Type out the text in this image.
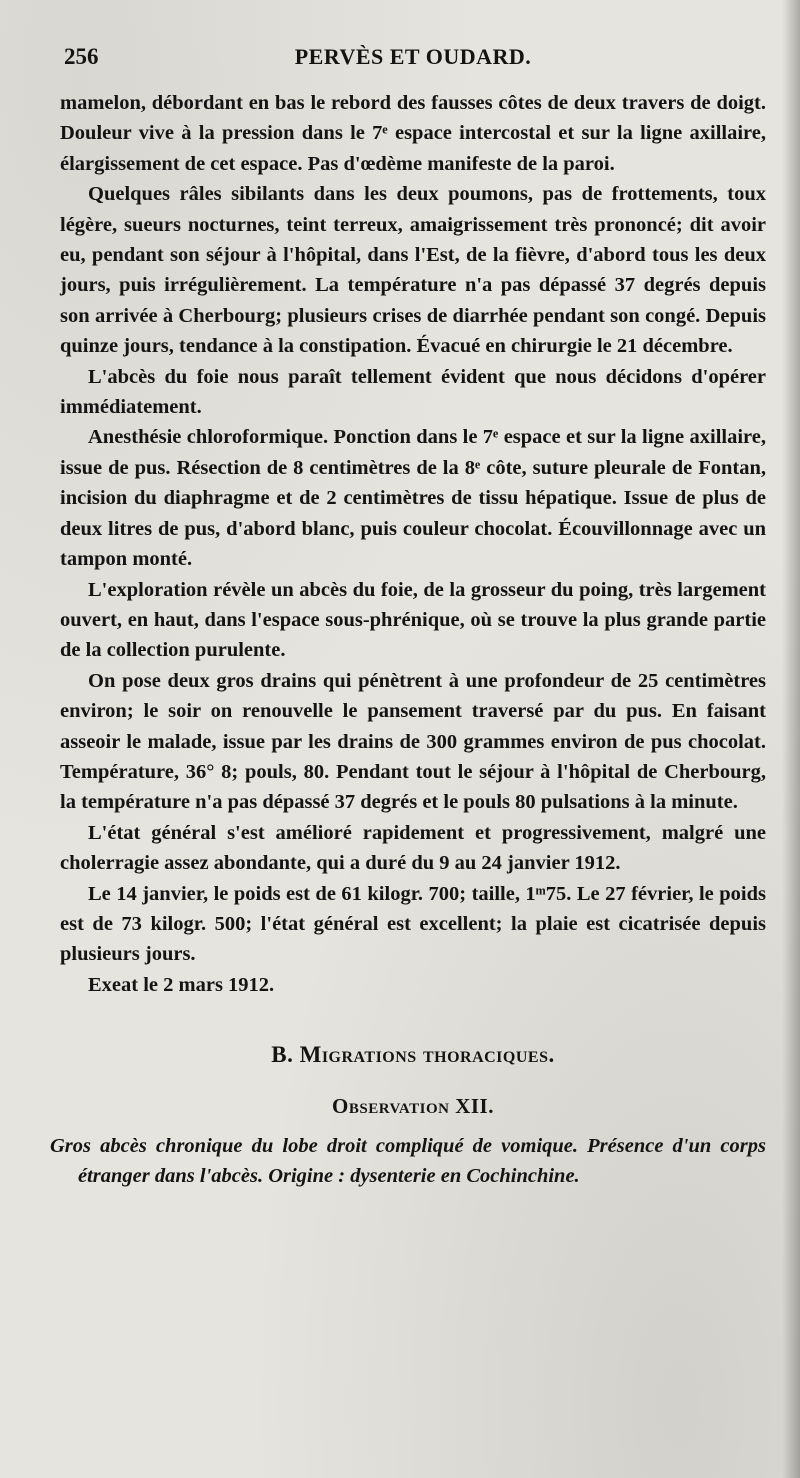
256	PERVÈS ET OUDARD.

mamelon, débordant en bas le rebord des fausses côtes de deux travers de doigt. Douleur vive à la pression dans le 7ᵉ espace intercostal et sur la ligne axillaire, élargissement de cet espace. Pas d'œdème manifeste de la paroi.

Quelques râles sibilants dans les deux poumons, pas de frottements, toux légère, sueurs nocturnes, teint terreux, amaigrissement très prononcé; dit avoir eu, pendant son séjour à l'hôpital, dans l'Est, de la fièvre, d'abord tous les deux jours, puis irrégulièrement. La température n'a pas dépassé 37 degrés depuis son arrivée à Cherbourg; plusieurs crises de diarrhée pendant son congé. Depuis quinze jours, tendance à la constipation. Évacué en chirurgie le 21 décembre.

L'abcès du foie nous paraît tellement évident que nous décidons d'opérer immédiatement.

Anesthésie chloroformique. Ponction dans le 7ᵉ espace et sur la ligne axillaire, issue de pus. Résection de 8 centimètres de la 8ᵉ côte, suture pleurale de Fontan, incision du diaphragme et de 2 centimètres de tissu hépatique. Issue de plus de deux litres de pus, d'abord blanc, puis couleur chocolat. Écouvillonnage avec un tampon monté.

L'exploration révèle un abcès du foie, de la grosseur du poing, très largement ouvert, en haut, dans l'espace sous-phrénique, où se trouve la plus grande partie de la collection purulente.

On pose deux gros drains qui pénètrent à une profondeur de 25 centimètres environ; le soir on renouvelle le pansement traversé par du pus. En faisant asseoir le malade, issue par les drains de 300 grammes environ de pus chocolat. Température, 36° 8; pouls, 80. Pendant tout le séjour à l'hôpital de Cherbourg, la température n'a pas dépassé 37 degrés et le pouls 80 pulsations à la minute.

L'état général s'est amélioré rapidement et progressivement, malgré une cholerragie assez abondante, qui a duré du 9 au 24 janvier 1912.

Le 14 janvier, le poids est de 61 kilogr. 700; taille, 1ᵐ75. Le 27 février, le poids est de 73 kilogr. 500; l'état général est excellent; la plaie est cicatrisée depuis plusieurs jours.

Exeat le 2 mars 1912.

B. Migrations thoraciques.
Observation XII.
Gros abcès chronique du lobe droit compliqué de vomique. Présence d'un corps étranger dans l'abcès. Origine : dysenterie en Cochinchine.
